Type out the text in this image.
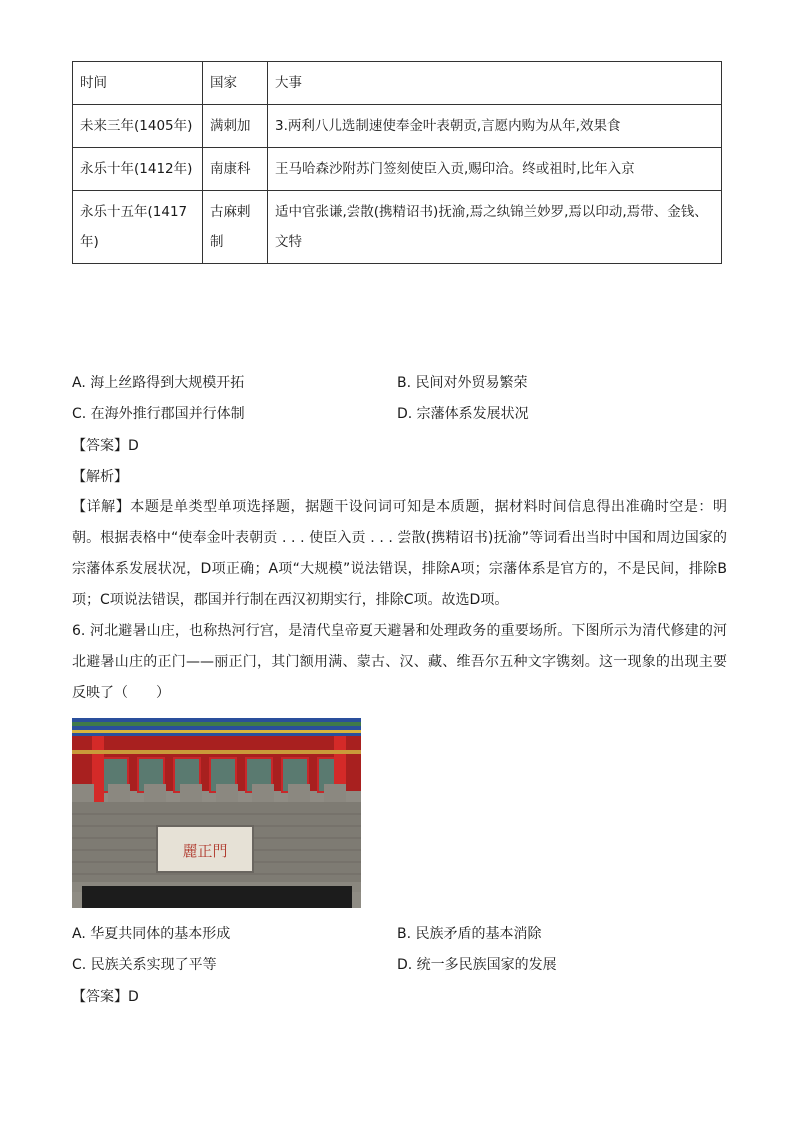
时间	国家	大事
未来三年(1405年)	满刺加	3.两利八儿选制速使奉金叶表朝贡,言愿内购为从年,效果食
永乐十年(1412年)	南康科	王马哈森沙附苏门签刻使臣入贡,赐印洽。终或祖时,比年入京
永乐十五年(1417年)	古麻剌制	适中官张谦,尝散(携精诏书)抚渝,焉之纨锦兰妙罗,焉以印动,焉带、金钱、文特
A. 海上丝路得到大规模开拓	B. 民间对外贸易繁荣
C. 在海外推行郡国并行体制	D. 宗藩体系发展状况
【答案】D
【解析】
【详解】本题是单类型单项选择题，据题干设问词可知是本质题，据材料时间信息得出准确时空是：明朝。根据表格中“使奉金叶表朝贡 . . . 使臣入贡 . . . 尝散(携精诏书)抚渝”等词看出当时中国和周边国家的宗藩体系发展状况，D项正确；A项“大规模”说法错误，排除A项；宗藩体系是官方的，不是民间，排除B项；C项说法错误，郡国并行制在西汉初期实行，排除C项。故选D项。
6. 河北避暑山庄，也称热河行宫，是清代皇帝夏天避暑和处理政务的重要场所。下图所示为清代修建的河北避暑山庄的正门——丽正门，其门额用满、蒙古、汉、藏、维吾尔五种文字镌刻。这一现象的出现主要反映了（　　）
麗正門
A. 华夏共同体的基本形成	B. 民族矛盾的基本消除
C. 民族关系实现了平等	D. 统一多民族国家的发展
【答案】D
